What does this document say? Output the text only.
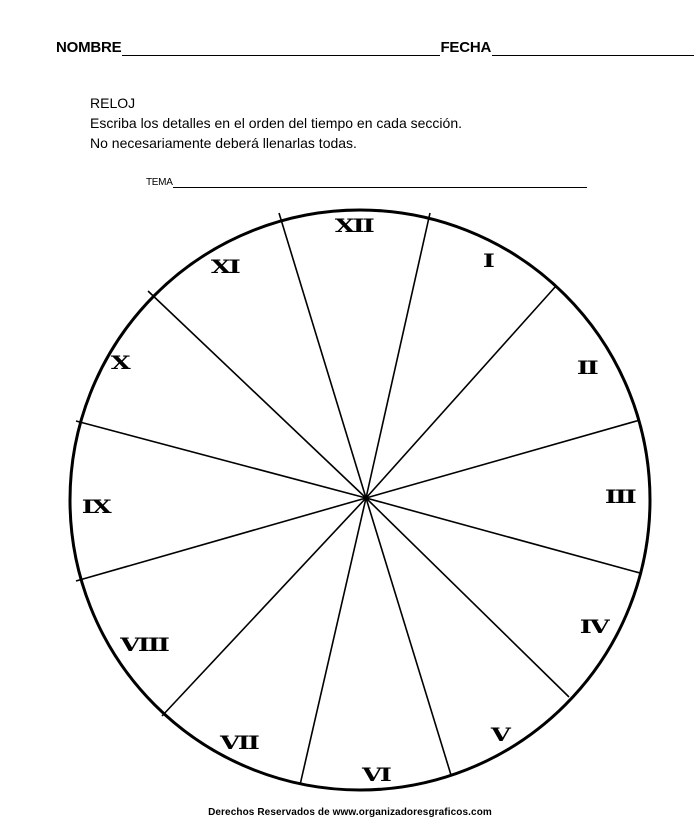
NOMBRE	FECHA
RELOJ
Escriba los detalles en el orden del tiempo en cada sección.
No necesariamente deberá llenarlas todas.
TEMA
XII
I
II
III
IV
V
VI
VII
VIII
IX
X
XI
Derechos Reservados de www.organizadoresgraficos.com
